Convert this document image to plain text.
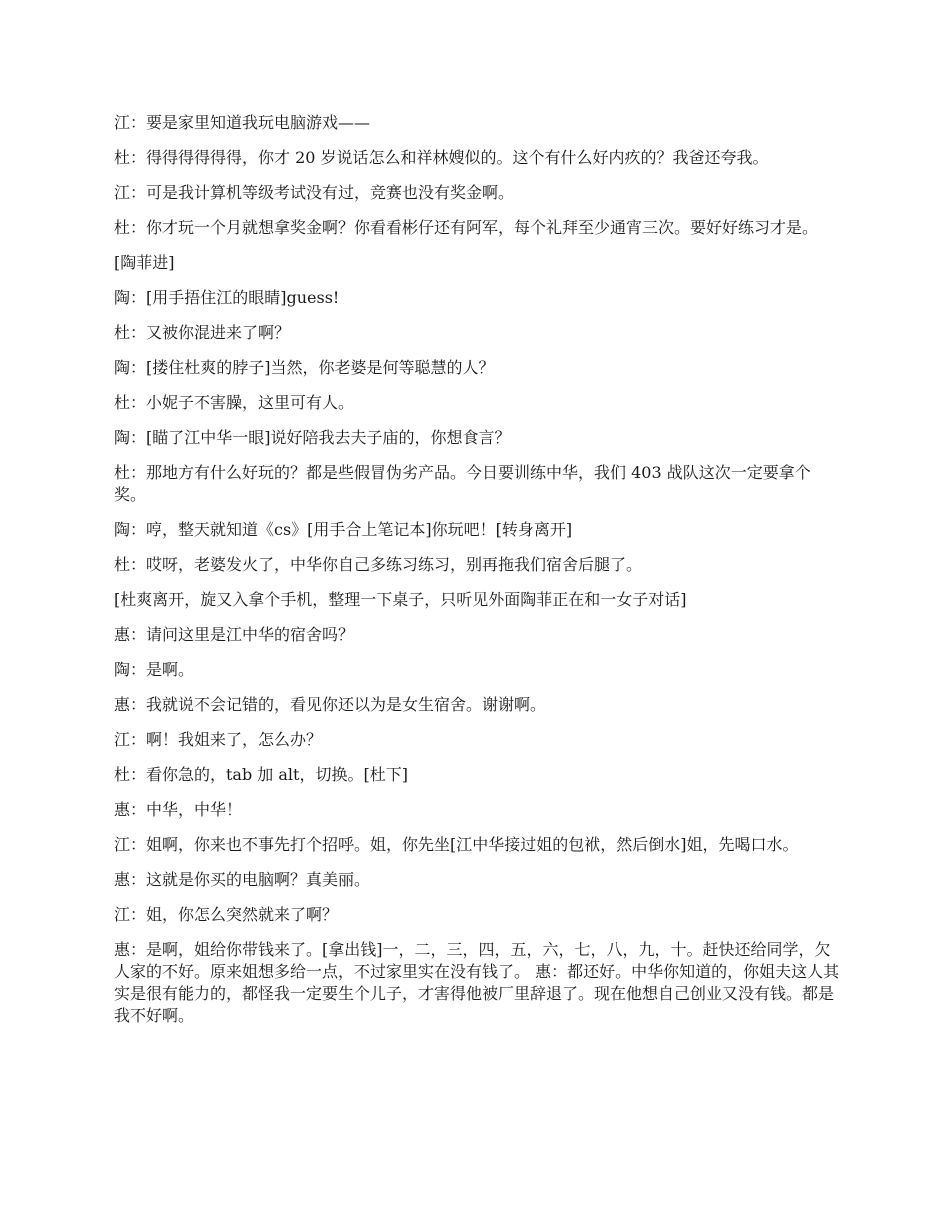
江：要是家里知道我玩电脑游戏——

杜：得得得得得得，你才 20 岁说话怎么和祥林嫂似的。这个有什么好内疚的？我爸还夸我。

江：可是我计算机等级考试没有过，竞赛也没有奖金啊。

杜：你才玩一个月就想拿奖金啊？你看看彬仔还有阿军，每个礼拜至少通宵三次。要好好练习才是。

[陶菲进]

陶：[用手捂住江的眼睛]guess!

杜：又被你混进来了啊？

陶：[搂住杜爽的脖子]当然，你老婆是何等聪慧的人？

杜：小妮子不害臊，这里可有人。

陶：[瞄了江中华一眼]说好陪我去夫子庙的，你想食言？

杜：那地方有什么好玩的？都是些假冒伪劣产品。今日要训练中华，我们 403 战队这次一定要拿个奖。

陶：哼，整天就知道《cs》[用手合上笔记本]你玩吧！[转身离开]

杜：哎呀，老婆发火了，中华你自己多练习练习，别再拖我们宿舍后腿了。

[杜爽离开，旋又入拿个手机，整理一下桌子，只听见外面陶菲正在和一女子对话]

惠：请问这里是江中华的宿舍吗？

陶：是啊。

惠：我就说不会记错的，看见你还以为是女生宿舍。谢谢啊。

江：啊！我姐来了，怎么办？

杜：看你急的，tab 加 alt，切换。[杜下]

惠：中华，中华！

江：姐啊，你来也不事先打个招呼。姐，你先坐[江中华接过姐的包袱，然后倒水]姐，先喝口水。

惠：这就是你买的电脑啊？真美丽。

江：姐，你怎么突然就来了啊？

惠：是啊，姐给你带钱来了。[拿出钱]一，二，三，四，五，六，七，八，九，十。赶快还给同学，欠人家的不好。原来姐想多给一点，不过家里实在没有钱了。 惠：都还好。中华你知道的，你姐夫这人其实是很有能力的，都怪我一定要生个儿子，才害得他被厂里辞退了。现在他想自己创业又没有钱。都是我不好啊。
